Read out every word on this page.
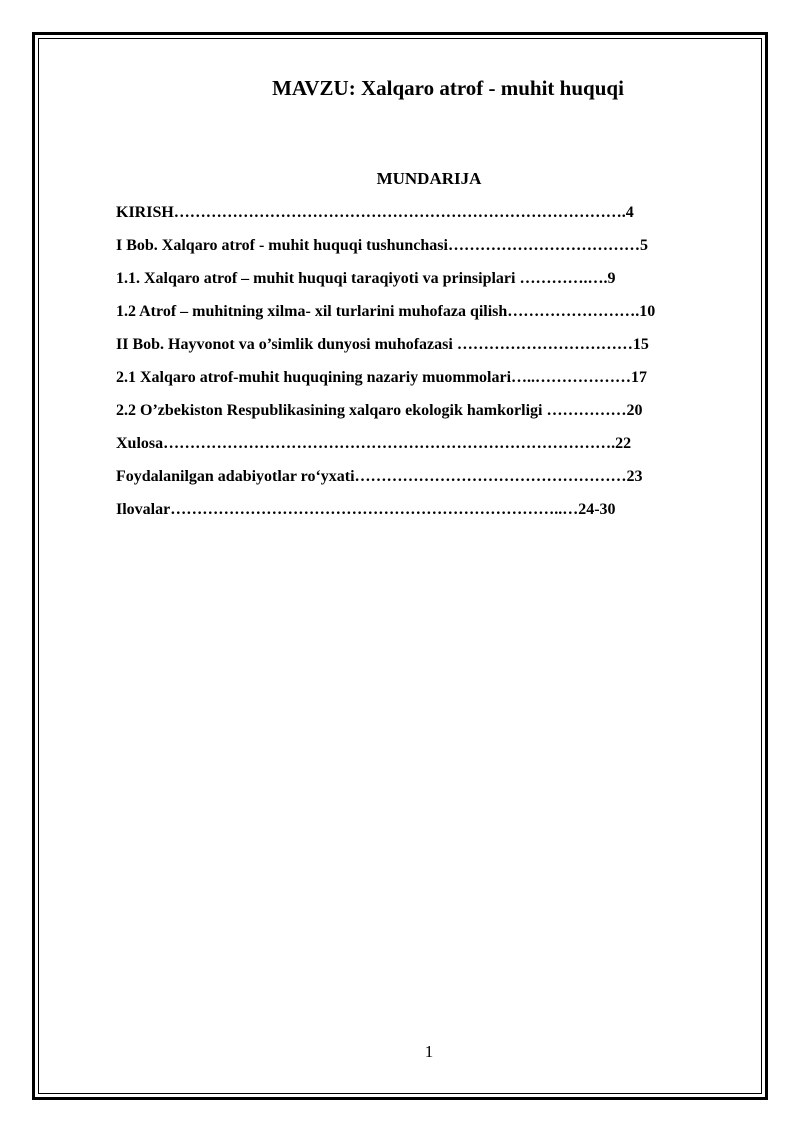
MAVZU: Xalqaro atrof - muhit huquqi
MUNDARIJA
KIRISH………………………………………………………………………….4
I Bob. Xalqaro atrof - muhit huquqi tushunchasi………………………………5
1.1. Xalqaro atrof – muhit huquqi taraqiyoti va prinsiplari ………….….9
1.2 Atrof – muhitning xilma- xil turlarini muhofaza qilish…………………….10
II Bob. Hayvonot va o’simlik dunyosi muhofazasi ……………………………15
2.1 Xalqaro atrof-muhit huquqining nazariy muommolari…..………………17
2.2 O’zbekiston Respublikasining xalqaro ekologik hamkorligi ……………20
Xulosa………………………………………………………………………….22
Foydalanilgan adabiyotlar ro‘yxati……………………………………………23
Ilovalar………………………………………………………………..…24-30
1
